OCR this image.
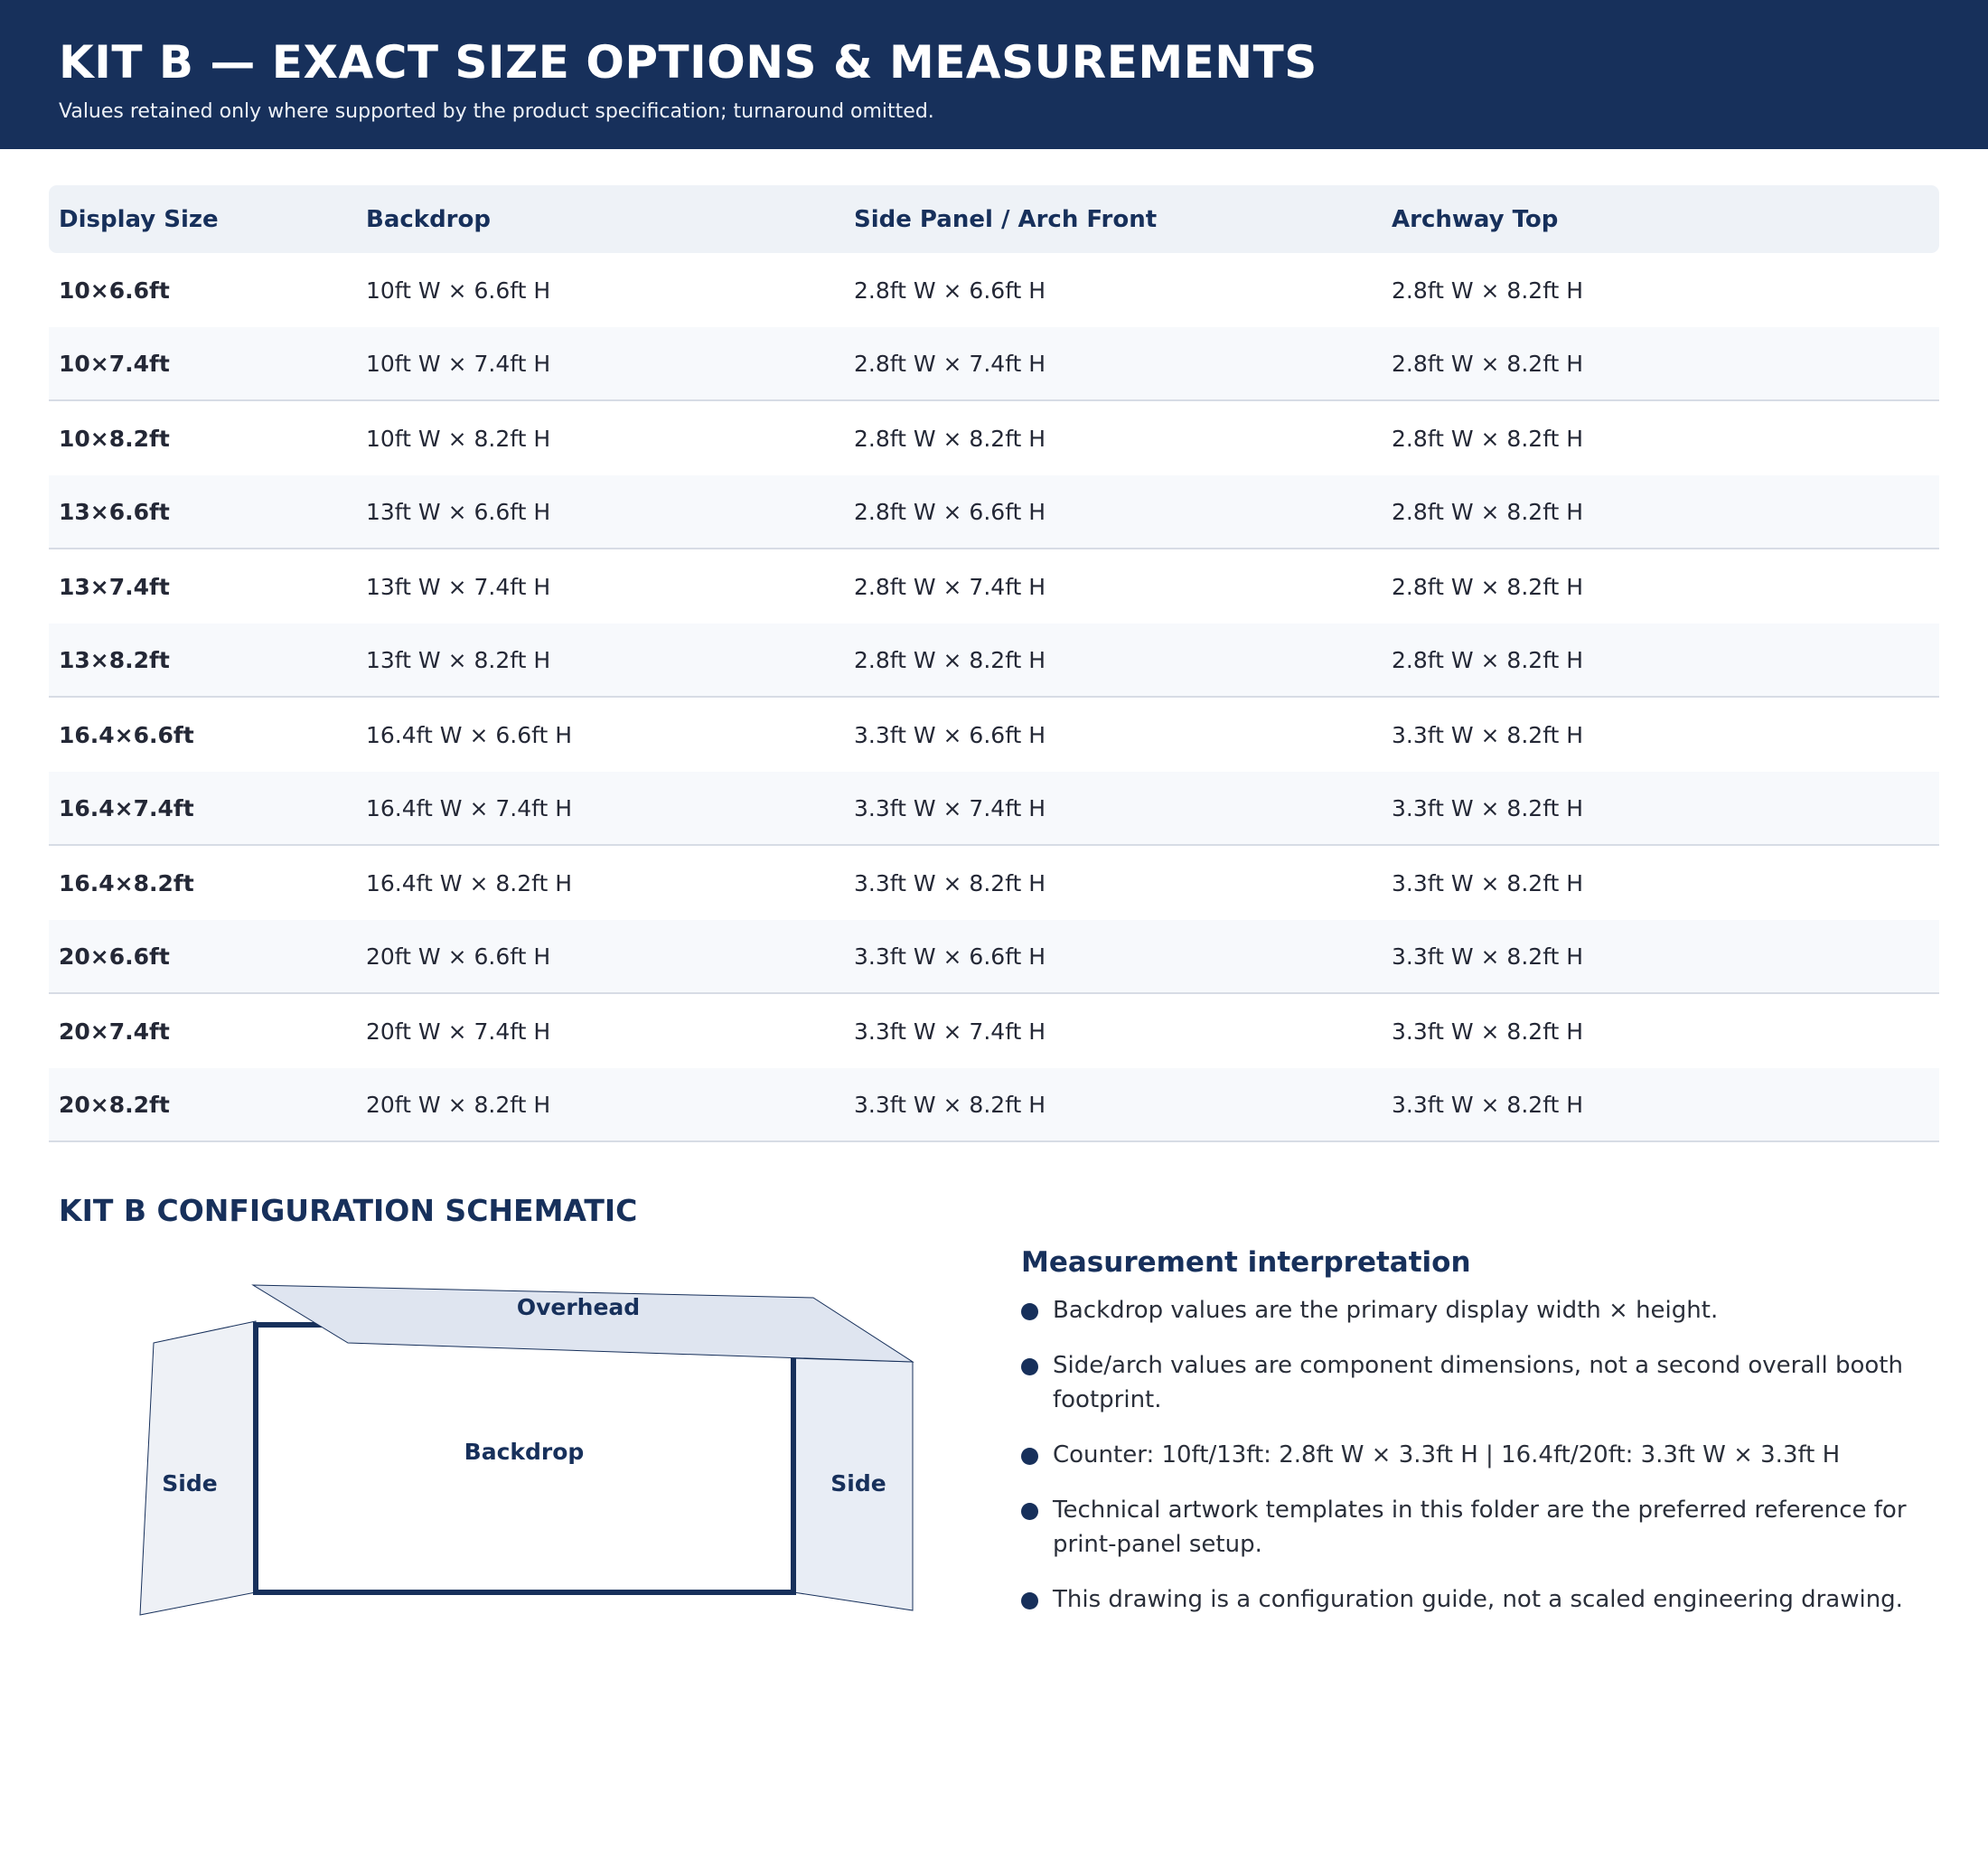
KIT B — EXACT SIZE OPTIONS & MEASUREMENTS
Values retained only where supported by the product specification; turnaround omitted.
Display Size	Backdrop	Side Panel / Arch Front	Archway Top
10×6.6ft	10ft W × 6.6ft H	2.8ft W × 6.6ft H	2.8ft W × 8.2ft H
10×7.4ft	10ft W × 7.4ft H	2.8ft W × 7.4ft H	2.8ft W × 8.2ft H
10×8.2ft	10ft W × 8.2ft H	2.8ft W × 8.2ft H	2.8ft W × 8.2ft H
13×6.6ft	13ft W × 6.6ft H	2.8ft W × 6.6ft H	2.8ft W × 8.2ft H
13×7.4ft	13ft W × 7.4ft H	2.8ft W × 7.4ft H	2.8ft W × 8.2ft H
13×8.2ft	13ft W × 8.2ft H	2.8ft W × 8.2ft H	2.8ft W × 8.2ft H
16.4×6.6ft	16.4ft W × 6.6ft H	3.3ft W × 6.6ft H	3.3ft W × 8.2ft H
16.4×7.4ft	16.4ft W × 7.4ft H	3.3ft W × 7.4ft H	3.3ft W × 8.2ft H
16.4×8.2ft	16.4ft W × 8.2ft H	3.3ft W × 8.2ft H	3.3ft W × 8.2ft H
20×6.6ft	20ft W × 6.6ft H	3.3ft W × 6.6ft H	3.3ft W × 8.2ft H
20×7.4ft	20ft W × 7.4ft H	3.3ft W × 7.4ft H	3.3ft W × 8.2ft H
20×8.2ft	20ft W × 8.2ft H	3.3ft W × 8.2ft H	3.3ft W × 8.2ft H
KIT B CONFIGURATION SCHEMATIC
Overhead
Backdrop
Side	Side
Measurement interpretation
Backdrop values are the primary display width × height.
Side/arch values are component dimensions, not a second overall booth footprint.
Counter: 10ft/13ft: 2.8ft W × 3.3ft H | 16.4ft/20ft: 3.3ft W × 3.3ft H
Technical artwork templates in this folder are the preferred reference for print-panel setup.
This drawing is a configuration guide, not a scaled engineering drawing.
